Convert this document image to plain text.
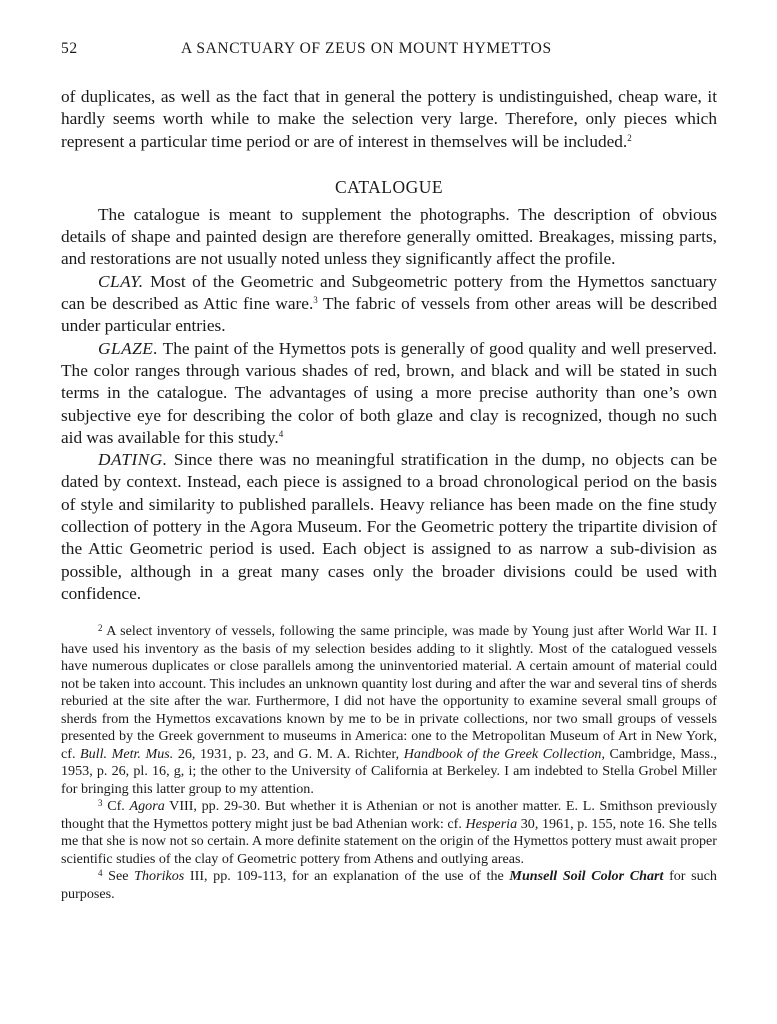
52	A SANCTUARY OF ZEUS ON MOUNT HYMETTOS

of duplicates, as well as the fact that in general the pottery is undistinguished, cheap ware, it hardly seems worth while to make the selection very large. Therefore, only pieces which represent a particular time period or are of interest in themselves will be included.$^2$

CATALOGUE

The catalogue is meant to supplement the photographs. The description of obvious details of shape and painted design are therefore generally omitted. Breakages, missing parts, and restorations are not usually noted unless they significantly affect the profile.

CLAY. Most of the Geometric and Subgeometric pottery from the Hymettos sanctuary can be described as Attic fine ware.$^3$ The fabric of vessels from other areas will be described under particular entries.

GLAZE. The paint of the Hymettos pots is generally of good quality and well preserved. The color ranges through various shades of red, brown, and black and will be stated in such terms in the catalogue. The advantages of using a more precise authority than one’s own subjective eye for describing the color of both glaze and clay is recognized, though no such aid was available for this study.$^4$

DATING. Since there was no meaningful stratification in the dump, no objects can be dated by context. Instead, each piece is assigned to a broad chronological period on the basis of style and similarity to published parallels. Heavy reliance has been made on the fine study collection of pottery in the Agora Museum. For the Geometric pottery the tripartite division of the Attic Geometric period is used. Each object is assigned to as narrow a sub-division as possible, although in a great many cases only the broader divisions could be used with confidence.

$^2$ A select inventory of vessels, following the same principle, was made by Young just after World War II. I have used his inventory as the basis of my selection besides adding to it slightly. Most of the catalogued vessels have numerous duplicates or close parallels among the uninventoried material. A certain amount of material could not be taken into account. This includes an unknown quantity lost during and after the war and several tins of sherds reburied at the site after the war. Furthermore, I did not have the opportunity to examine several small groups of sherds from the Hymettos excavations known by me to be in private collections, nor two small groups of vessels presented by the Greek government to museums in America: one to the Metropolitan Museum of Art in New York, cf. Bull. Metr. Mus. 26, 1931, p. 23, and G. M. A. Richter, Handbook of the Greek Collection, Cambridge, Mass., 1953, p. 26, pl. 16, g, i; the other to the University of California at Berkeley. I am indebted to Stella Grobel Miller for bringing this latter group to my attention.

$^3$ Cf. Agora VIII, pp. 29-30. But whether it is Athenian or not is another matter. E. L. Smithson previously thought that the Hymettos pottery might just be bad Athenian work: cf. Hesperia 30, 1961, p. 155, note 16. She tells me that she is now not so certain. A more definite statement on the origin of the Hymettos pottery must await proper scientific studies of the clay of Geometric pottery from Athens and outlying areas.

$^4$ See Thorikos III, pp. 109-113, for an explanation of the use of the Munsell Soil Color Chart for such purposes.
